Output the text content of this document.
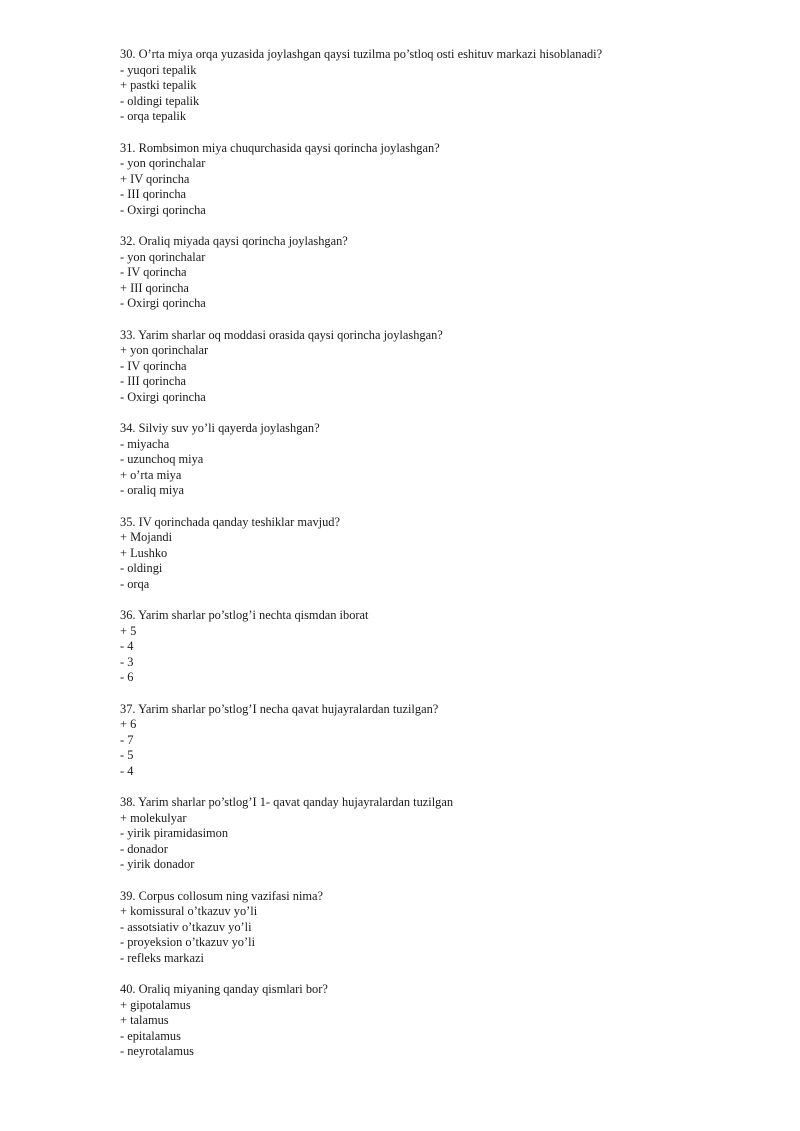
30. O’rta miya orqa yuzasida joylashgan qaysi tuzilma po’stloq osti eshituv markazi hisoblanadi?
- yuqori tepalik
+ pastki tepalik
- oldingi tepalik
- orqa tepalik
31. Rombsimon miya chuqurchasida qaysi qorincha joylashgan?
- yon qorinchalar
+ IV qorincha
- III qorincha
- Oxirgi qorincha
32. Oraliq miyada qaysi qorincha joylashgan?
- yon qorinchalar
- IV qorincha
+ III qorincha
- Oxirgi qorincha
33. Yarim sharlar oq moddasi orasida qaysi qorincha joylashgan?
+ yon qorinchalar
- IV qorincha
- III qorincha
- Oxirgi qorincha
34. Silviy suv yo’li qayerda joylashgan?
- miyacha
- uzunchoq miya
+ o’rta miya
- oraliq miya
35. IV qorinchada qanday teshiklar mavjud?
+ Mojandi
+ Lushko
- oldingi
- orqa
36. Yarim sharlar po’stlog’i nechta qismdan iborat
+ 5
- 4
- 3
- 6
37. Yarim sharlar po’stlog’I necha qavat hujayralardan tuzilgan?
+ 6
- 7
- 5
- 4
38. Yarim sharlar po’stlog’I 1- qavat qanday hujayralardan tuzilgan
+ molekulyar
- yirik piramidasimon
- donador
- yirik donador
39. Corpus collosum ning vazifasi nima?
+ komissural o’tkazuv yo’li
- assotsiativ o’tkazuv yo’li
- proyeksion o’tkazuv yo’li
- refleks markazi
40. Oraliq miyaning qanday qismlari bor?
+ gipotalamus
+ talamus
- epitalamus
- neyrotalamus
